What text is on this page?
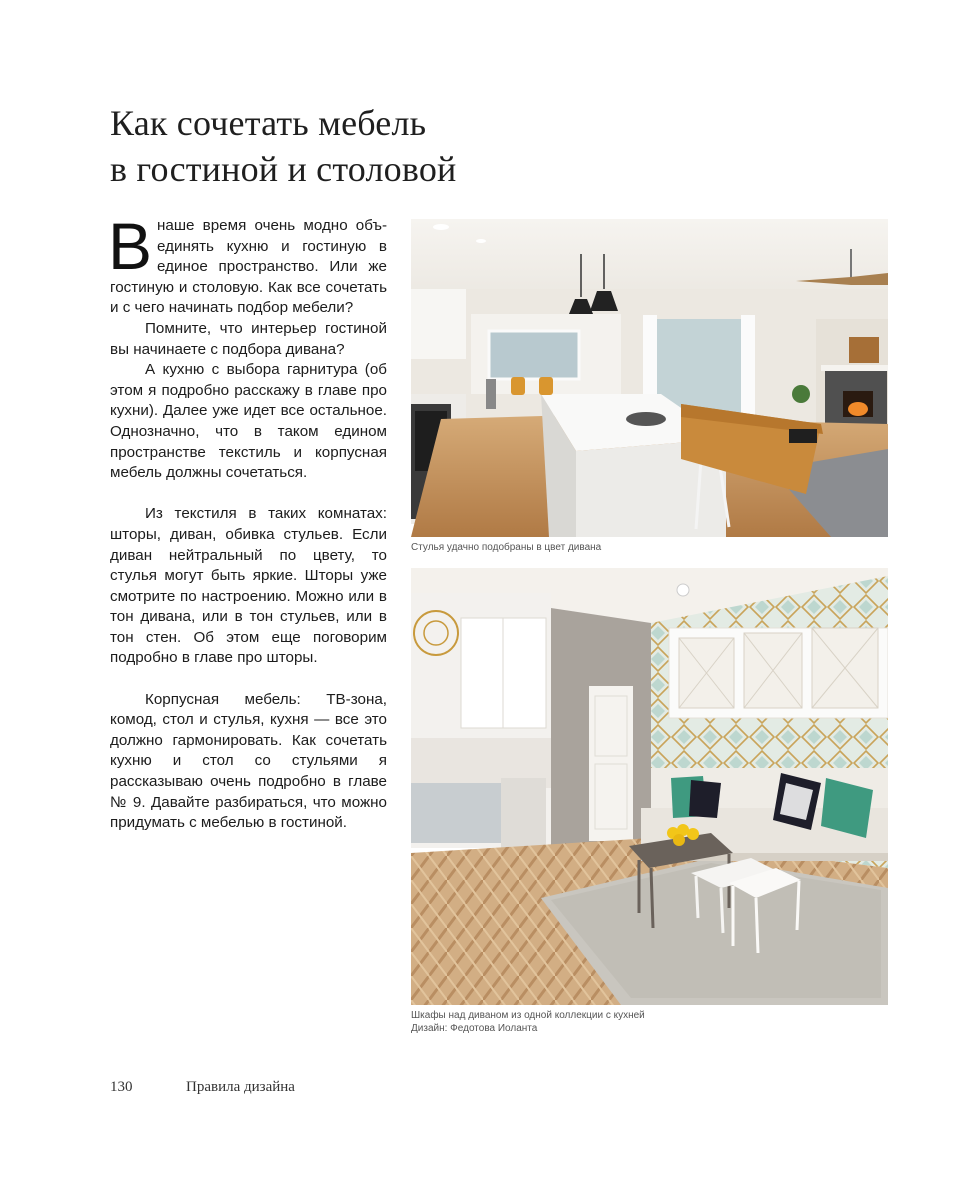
Как сочетать мебель
в гостиной и столовой

Внаше время очень модно объединять кухню и гостиную в единое пространство. Или же гостиную и столовую. Как все сочетать и с чего начинать подбор мебели?

Помните, что интерьер гостиной вы начинаете с подбора дивана?

А кухню с выбора гарнитура (об этом я подробно расскажу в главе про кухни). Далее уже идет все остальное. Однозначно, что в таком едином пространстве текстиль и корпусная мебель должны сочетаться.

Из текстиля в таких комнатах: шторы, диван, обивка стульев. Если диван нейтральный по цвету, то стулья могут быть яркие. Шторы уже смотрите по настроению. Можно или в тон дивана, или в тон стульев, или в тон стен. Об этом еще поговорим подробно в главе про шторы.

Корпусная мебель: ТВ-зона, комод, стол и стулья, кухня — все это должно гармонировать. Как сочетать кухню и стол со стульями я рассказываю очень подробно в главе № 9. Давайте разбираться, что можно придумать с мебелью в гостиной.

Стулья удачно подобраны в цвет дивана
Шкафы над диваном из одной коллекции с кухней
Дизайн: Федотова Иоланта
130	Правила дизайна
